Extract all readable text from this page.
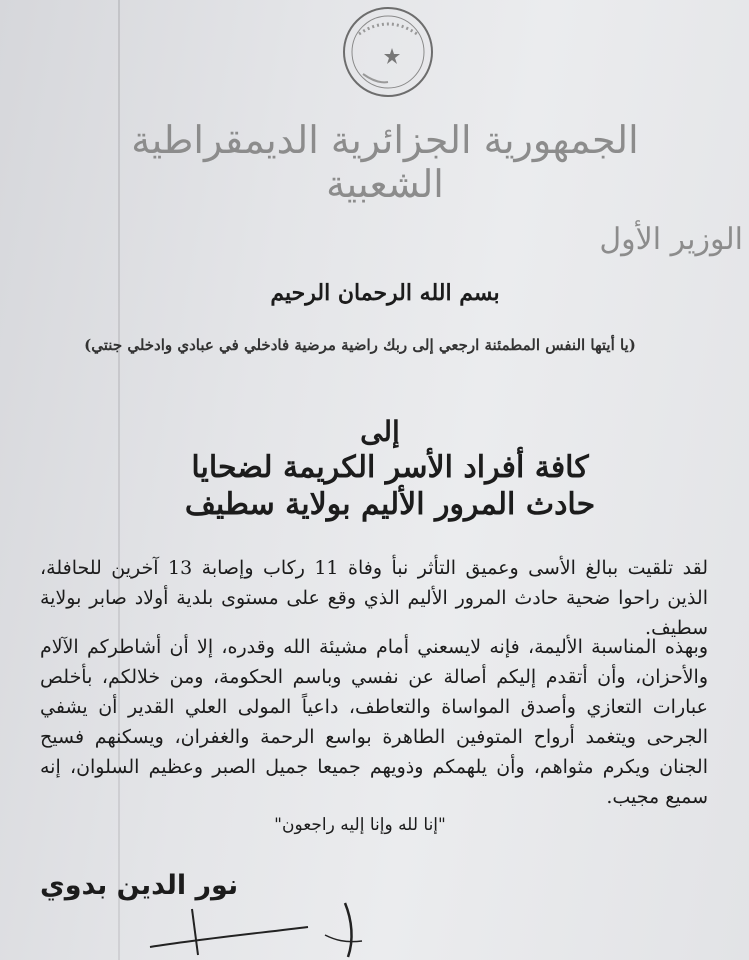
الجمهورية الجزائرية الديمقراطية الشعبية
الوزير الأول
بسم الله الرحمان الرحيم
(يا أيتها النفس المطمئنة ارجعي إلى ربك راضية مرضية فادخلي في عبادي وادخلي جنتي)
إلى
كافة أفراد الأسر الكريمة لضحايا
حادث المرور الأليم بولاية سطيف
لقد تلقيت ببالغ الأسى وعميق التأثر نبأ وفاة 11 ركاب وإصابة 13 آخرين للحافلة، الذين راحوا ضحية حادث المرور الأليم الذي وقع على مستوى بلدية أولاد صابر بولاية سطيف.
وبهذه المناسبة الأليمة، فإنه لايسعني أمام مشيئة الله وقدره، إلا أن أشاطركم الآلام والأحزان، وأن أتقدم إليكم أصالة عن نفسي وباسم الحكومة، ومن خلالكم، بأخلص عبارات التعازي وأصدق المواساة والتعاطف، داعياً المولى العلي القدير أن يشفي الجرحى ويتغمد أرواح المتوفين الطاهرة بواسع الرحمة والغفران، ويسكنهم فسيح الجنان ويكرم مثواهم، وأن يلهمكم وذويهم جميعا جميل الصبر وعظيم السلوان، إنه سميع مجيب.
"إنا لله وإنا إليه راجعون"
نور الدين بدوي
